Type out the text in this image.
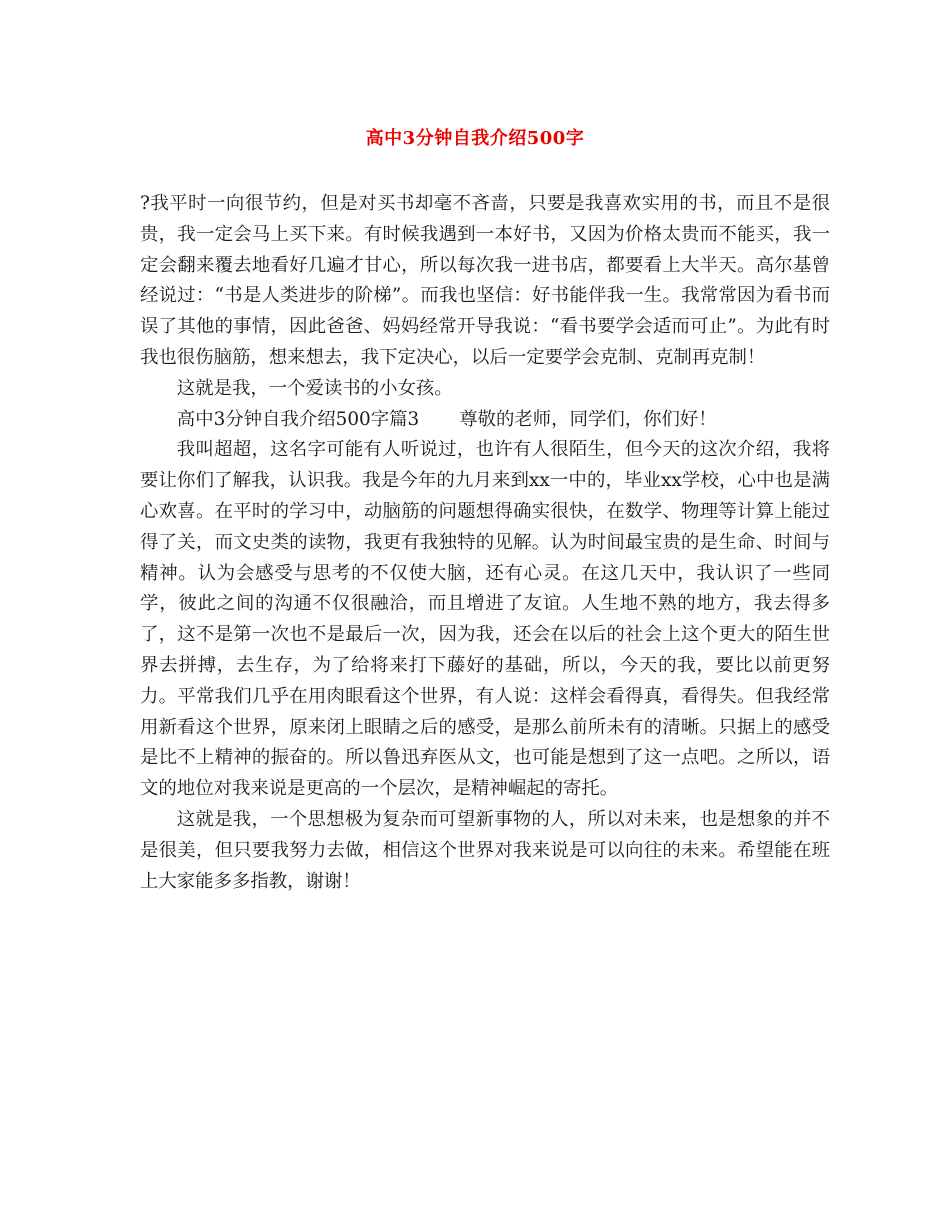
高中3分钟自我介绍500字

?我平时一向很节约，但是对买书却毫不吝啬，只要是我喜欢实用的书，而且不是很贵，我一定会马上买下来。有时候我遇到一本好书，又因为价格太贵而不能买，我一定会翻来覆去地看好几遍才甘心，所以每次我一进书店，都要看上大半天。高尔基曾经说过：“书是人类进步的阶梯”。而我也坚信：好书能伴我一生。我常常因为看书而误了其他的事情，因此爸爸、妈妈经常开导我说：“看书要学会适而可止”。为此有时我也很伤脑筋，想来想去，我下定决心，以后一定要学会克制、克制再克制！

这就是我，一个爱读书的小女孩。

高中3分钟自我介绍500字篇3 尊敬的老师，同学们，你们好！

我叫超超，这名字可能有人听说过，也许有人很陌生，但今天的这次介绍，我将要让你们了解我，认识我。我是今年的九月来到xx一中的，毕业xx学校，心中也是满心欢喜。在平时的学习中，动脑筋的问题想得确实很快，在数学、物理等计算上能过得了关，而文史类的读物，我更有我独特的见解。认为时间最宝贵的是生命、时间与精神。认为会感受与思考的不仅使大脑，还有心灵。在这几天中，我认识了一些同学，彼此之间的沟通不仅很融洽，而且增进了友谊。人生地不熟的地方，我去得多了，这不是第一次也不是最后一次，因为我，还会在以后的社会上这个更大的陌生世界去拼搏，去生存，为了给将来打下藤好的基础，所以，今天的我，要比以前更努力。平常我们几乎在用肉眼看这个世界，有人说：这样会看得真，看得失。但我经常用新看这个世界，原来闭上眼睛之后的感受，是那么前所未有的清晰。只据上的感受是比不上精神的振奋的。所以鲁迅弃医从文，也可能是想到了这一点吧。之所以，语文的地位对我来说是更高的一个层次，是精神崛起的寄托。

这就是我，一个思想极为复杂而可望新事物的人，所以对未来，也是想象的并不是很美，但只要我努力去做，相信这个世界对我来说是可以向往的未来。希望能在班上大家能多多指教，谢谢！
